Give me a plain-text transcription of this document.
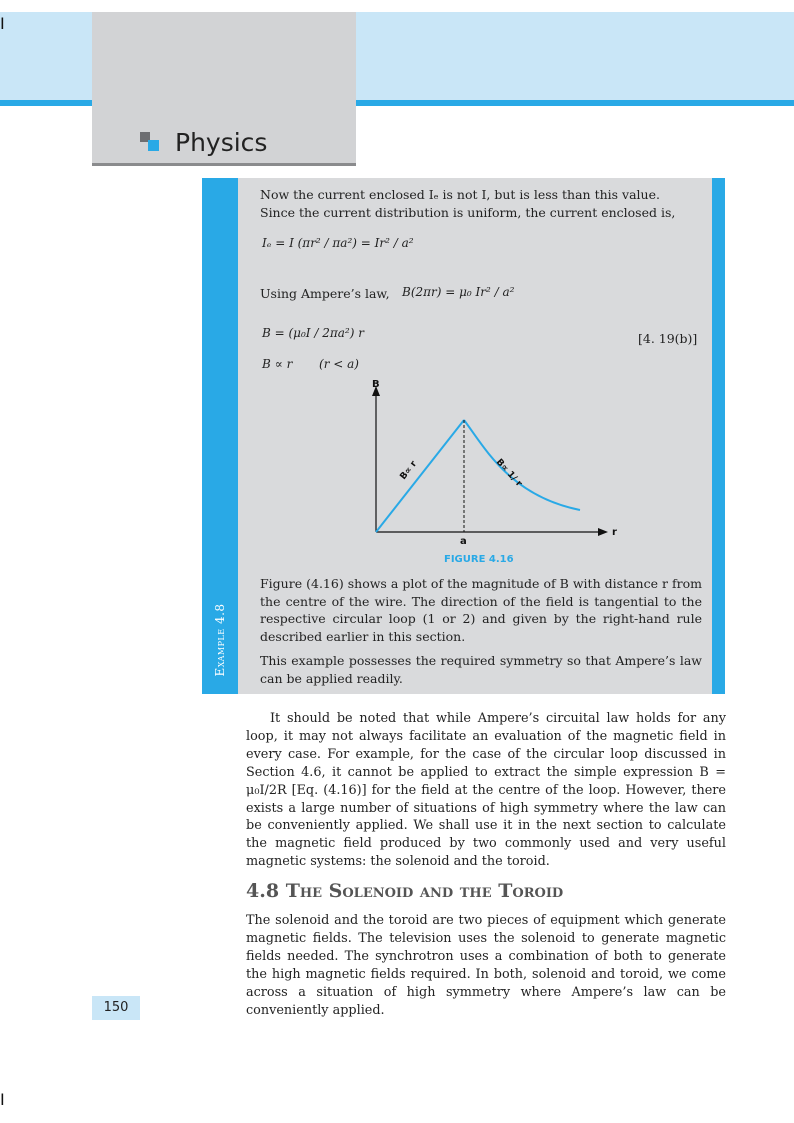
Physics
I
I
Example 4.8
Now the current enclosed Iₑ is not I, but is less than this value.
Since the current distribution is uniform, the current enclosed is,
Iₑ = I (πr² / πa²) = Ir² / a²
Using Ampere’s law, B(2πr) = μ₀ Ir² / a²
B = (μ₀I / 2πa²) r	[4. 19(b)]
B ∝ r       (r < a)
B
r
a
B∝ r	B∝ 1/ r
FIGURE 4.16
Figure (4.16) shows a plot of the magnitude of B with distance r from the centre of the wire. The direction of the field is tangential to the respective circular loop (1 or 2) and given by the right-hand rule described earlier in this section.
This example possesses the required symmetry so that Ampere’s law can be applied readily.
It should be noted that while Ampere’s circuital law holds for any loop, it may not always facilitate an evaluation of the magnetic field in every case. For example, for the case of the circular loop discussed in Section 4.6, it cannot be applied to extract the simple expression B = μ₀I/2R [Eq. (4.16)] for the field at the centre of the loop. However, there exists a large number of situations of high symmetry where the law can be conveniently applied. We shall use it in the next section to calculate the magnetic field produced by two commonly used and very useful magnetic systems: the solenoid and the toroid.
4.8 The Solenoid and the Toroid
The solenoid and the toroid are two pieces of equipment which generate magnetic fields. The television uses the solenoid to generate magnetic fields needed. The synchrotron uses a combination of both to generate the high magnetic fields required. In both, solenoid and toroid, we come across a situation of high symmetry where Ampere’s law can be conveniently applied.
150
